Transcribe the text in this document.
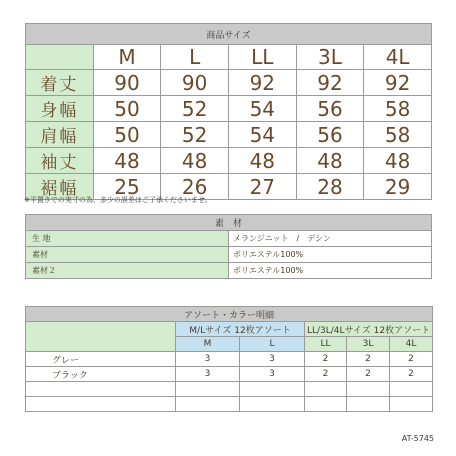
商品サイズ					
	M	L	LL	3L	4L
着丈	90	90	92	92	92
身幅	50	52	54	56	58
肩幅	50	52	54	56	58
袖丈	48	48	48	48	48
裾幅	25	26	27	28	29
※平置きでの実寸の為、多少の誤差はご了承くださいませ。
素　材	
生 地	メランジニット　/　デシン
素材	ポリエステル100%
素材２	ポリエステル100%
アソート・カラー明細					
	M/Lサイズ 12枚アソート		LL/3L/4Lサイズ 12枚アソート		
	M	L	LL	3L	4L
グレー	3	3	2	2	2
ブラック	3	3	2	2	2

AT-5745
